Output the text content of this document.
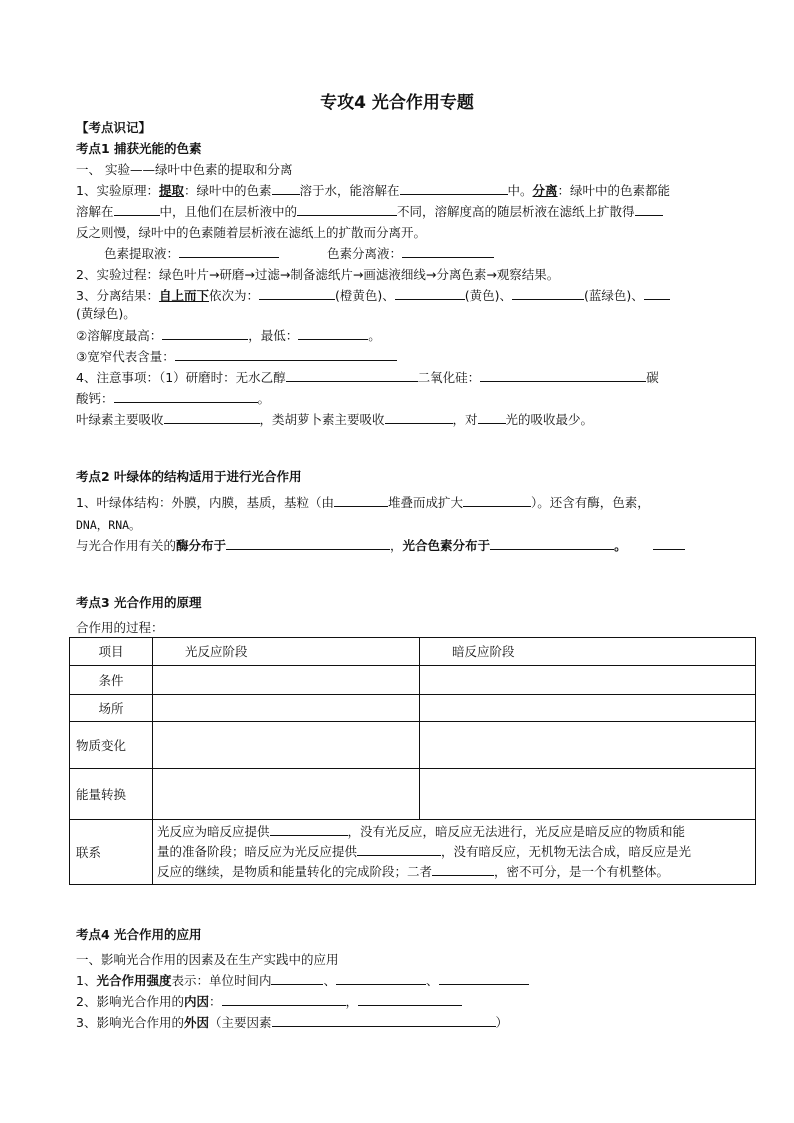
专攻4 光合作用专题
【考点识记】
考点1 捕获光能的色素
一、 实验——绿叶中色素的提取和分离
1、实验原理：提取：绿叶中的色素 溶于水，能溶解在	中。分离：绿叶中的色素都能
溶解在	中，且他们在层析液中的	不同，溶解度高的随层析液在滤纸上扩散得
反之则慢，绿叶中的色素随着层析液在滤纸上的扩散而分离开。
色素提取液：	色素分离液：
2、实验过程：绿色叶片→研磨→过滤→制备滤纸片→画滤液细线→分离色素→观察结果。
3、分离结果：自上而下依次为：	(橙黄色)、	(黄色)、	(蓝绿色)、
(黄绿色)。
②溶解度最高：	，最低：	。
③宽窄代表含量：
4、注意事项：（1）研磨时：无水乙醇	二氧化硅：	碳
酸钙：	。
叶绿素主要吸收	，类胡萝卜素主要吸收	，对 光的吸收最少。
考点2 叶绿体的结构适用于进行光合作用
1、叶绿体结构：外膜，内膜，基质，基粒（由	堆叠而成扩大	）。还含有酶，色素，
DNA，RNA。
与光合作用有关的酶分布于	，光合色素分布于	。
考点3 光合作用的原理
合作用的过程：
项目	光反应阶段	暗反应阶段
条件		
场所		
物质变化		
能量转换		
联系	光反应为暗反应提供 ，没有光反应，暗反应无法进行，光反应是暗反应的物质和能
量的准备阶段；暗反应为光反应提供 ，没有暗反应，无机物无法合成，暗反应是光
反应的继续，是物质和能量转化的完成阶段；二者 ，密不可分，是一个有机整体。	
考点4 光合作用的应用
一、影响光合作用的因素及在生产实践中的应用
1、光合作用强度表示：单位时间内	、	、
2、影响光合作用的内因：	，
3、影响光合作用的外因（主要因素	）
